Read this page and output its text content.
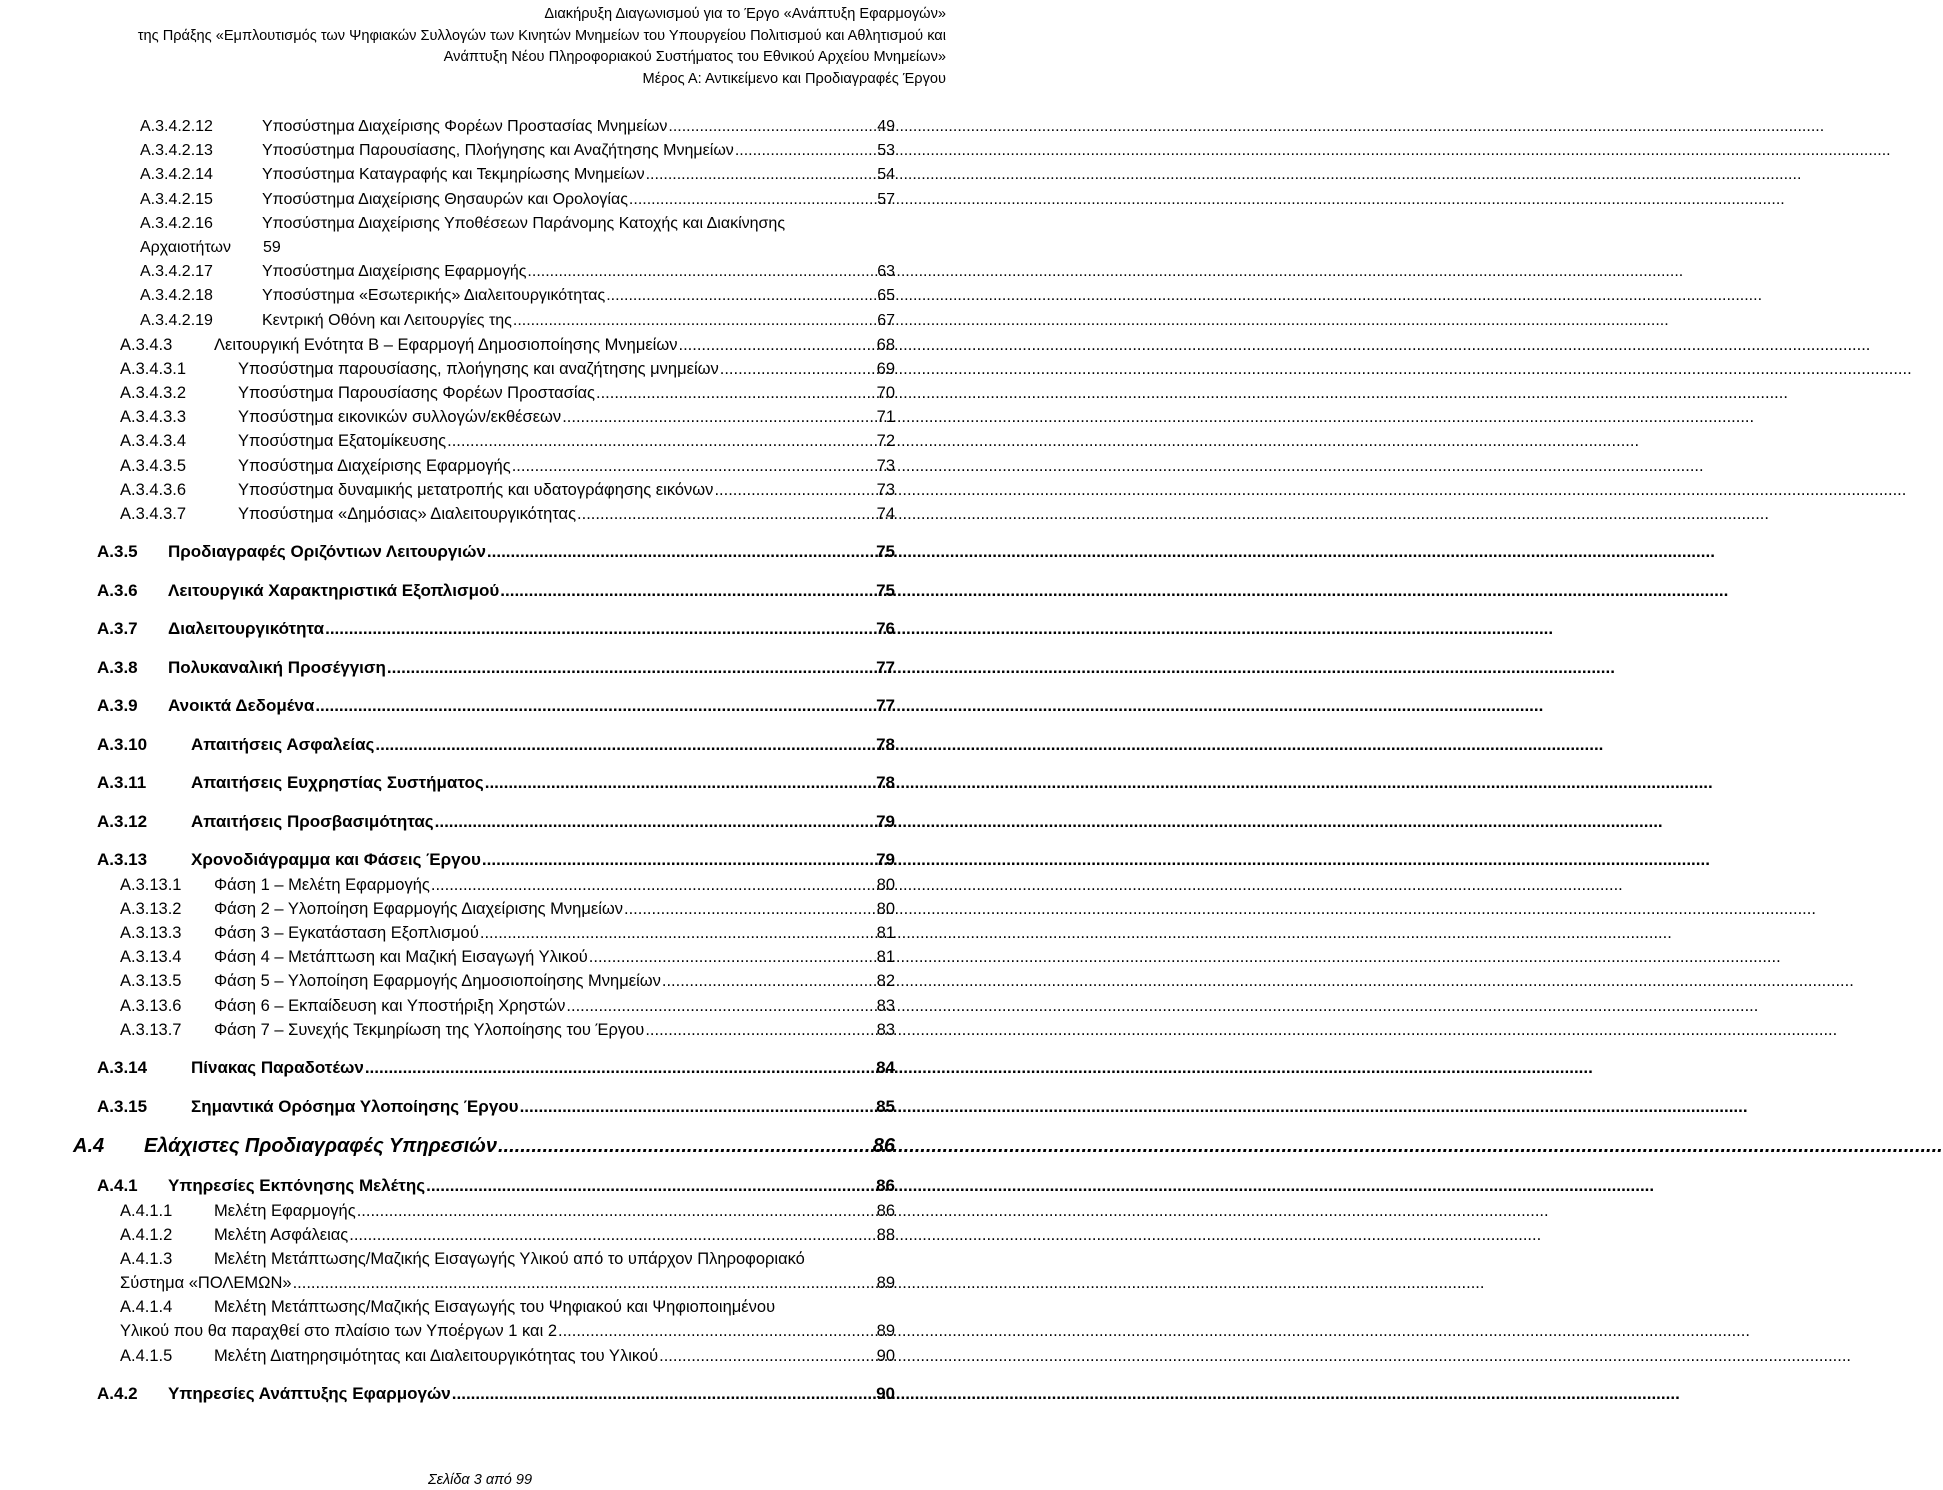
Διακήρυξη Διαγωνισμού για το Έργο «Ανάπτυξη Εφαρμογών»
της Πράξης «Εμπλουτισμός των Ψηφιακών Συλλογών των Κινητών Μνημείων του Υπουργείου Πολιτισμού και Αθλητισμού και
Ανάπτυξη Νέου Πληροφοριακού Συστήματος του Εθνικού Αρχείου Μνημείων»
Μέρος Α: Αντικείμενο και Προδιαγραφές Έργου
Α.3.4.2.12	Υποσύστημα Διαχείρισης Φορέων Προστασίας Μνημείων .....	49
Α.3.4.2.13	Υποσύστημα Παρουσίασης, Πλοήγησης και Αναζήτησης Μνημείων .....	53
Α.3.4.2.14	Υποσύστημα Καταγραφής και Τεκμηρίωσης Μνημείων .....	54
Α.3.4.2.15	Υποσύστημα Διαχείρισης Θησαυρών και Ορολογίας .....	57
Α.3.4.2.16	Υποσύστημα Διαχείρισης Υποθέσεων Παράνομης Κατοχής και Διακίνησης
Αρχαιοτήτων	59
Α.3.4.2.17	Υποσύστημα Διαχείρισης Εφαρμογής .....	63
Α.3.4.2.18	Υποσύστημα «Εσωτερικής» Διαλειτουργικότητας .....	65
Α.3.4.2.19	Κεντρική Οθόνη και Λειτουργίες της .....	67
Α.3.4.3	Λειτουργική Ενότητα Β – Εφαρμογή Δημοσιοποίησης Μνημείων .....	68
Α.3.4.3.1	Υποσύστημα παρουσίασης, πλοήγησης και αναζήτησης μνημείων .....	69
Α.3.4.3.2	Υποσύστημα Παρουσίασης Φορέων Προστασίας .....	70
Α.3.4.3.3	Υποσύστημα εικονικών συλλογών/εκθέσεων .....	71
Α.3.4.3.4	Υποσύστημα Εξατομίκευσης .....	72
Α.3.4.3.5	Υποσύστημα Διαχείρισης Εφαρμογής .....	73
Α.3.4.3.6	Υποσύστημα δυναμικής μετατροπής και υδατογράφησης εικόνων .....	73
Α.3.4.3.7	Υποσύστημα «Δημόσιας» Διαλειτουργικότητας .....	74
Α.3.5	Προδιαγραφές Οριζόντιων Λειτουργιών .....	75
Α.3.6	Λειτουργικά Χαρακτηριστικά Εξοπλισμού .....	75
Α.3.7	Διαλειτουργικότητα .....	76
Α.3.8	Πολυκαναλική Προσέγγιση .....	77
Α.3.9	Ανοικτά Δεδομένα .....	77
Α.3.10	Απαιτήσεις Ασφαλείας .....	78
Α.3.11	Απαιτήσεις Ευχρηστίας Συστήματος .....	78
Α.3.12	Απαιτήσεις Προσβασιμότητας .....	79
Α.3.13	Χρονοδιάγραμμα και Φάσεις Έργου .....	79
Α.3.13.1	Φάση 1 – Μελέτη Εφαρμογής .....	80
Α.3.13.2	Φάση 2 – Υλοποίηση Εφαρμογής Διαχείρισης Μνημείων .....	80
Α.3.13.3	Φάση 3 – Εγκατάσταση Εξοπλισμού .....	81
Α.3.13.4	Φάση 4 – Μετάπτωση και Μαζική Εισαγωγή Υλικού .....	81
Α.3.13.5	Φάση 5 – Υλοποίηση Εφαρμογής Δημοσιοποίησης Μνημείων .....	82
Α.3.13.6	Φάση 6 – Εκπαίδευση και Υποστήριξη Χρηστών .....	83
Α.3.13.7	Φάση 7 – Συνεχής Τεκμηρίωση της Υλοποίησης του Έργου .....	83
Α.3.14	Πίνακας Παραδοτέων .....	84
Α.3.15	Σημαντικά Ορόσημα Υλοποίησης Έργου .....	85
Α.4	Ελάχιστες Προδιαγραφές Υπηρεσιών .....	86
Α.4.1	Υπηρεσίες Εκπόνησης Μελέτης .....	86
Α.4.1.1	Μελέτη Εφαρμογής .....	86
Α.4.1.2	Μελέτη Ασφάλειας .....	88
Α.4.1.3	Μελέτη Μετάπτωσης/Μαζικής Εισαγωγής Υλικού από το υπάρχον Πληροφοριακό
Σύστημα «ΠΟΛΕΜΩΝ» .....	89
Α.4.1.4	Μελέτη Μετάπτωσης/Μαζικής Εισαγωγής του Ψηφιακού και Ψηφιοποιημένου
Υλικού που θα παραχθεί στο πλαίσιο των Υποέργων 1 και 2 .....	89
Α.4.1.5	Μελέτη Διατηρησιμότητας και Διαλειτουργικότητας του Υλικού .....	90
Α.4.2	Υπηρεσίες Ανάπτυξης Εφαρμογών .....	90
Σελίδα 3 από 99
